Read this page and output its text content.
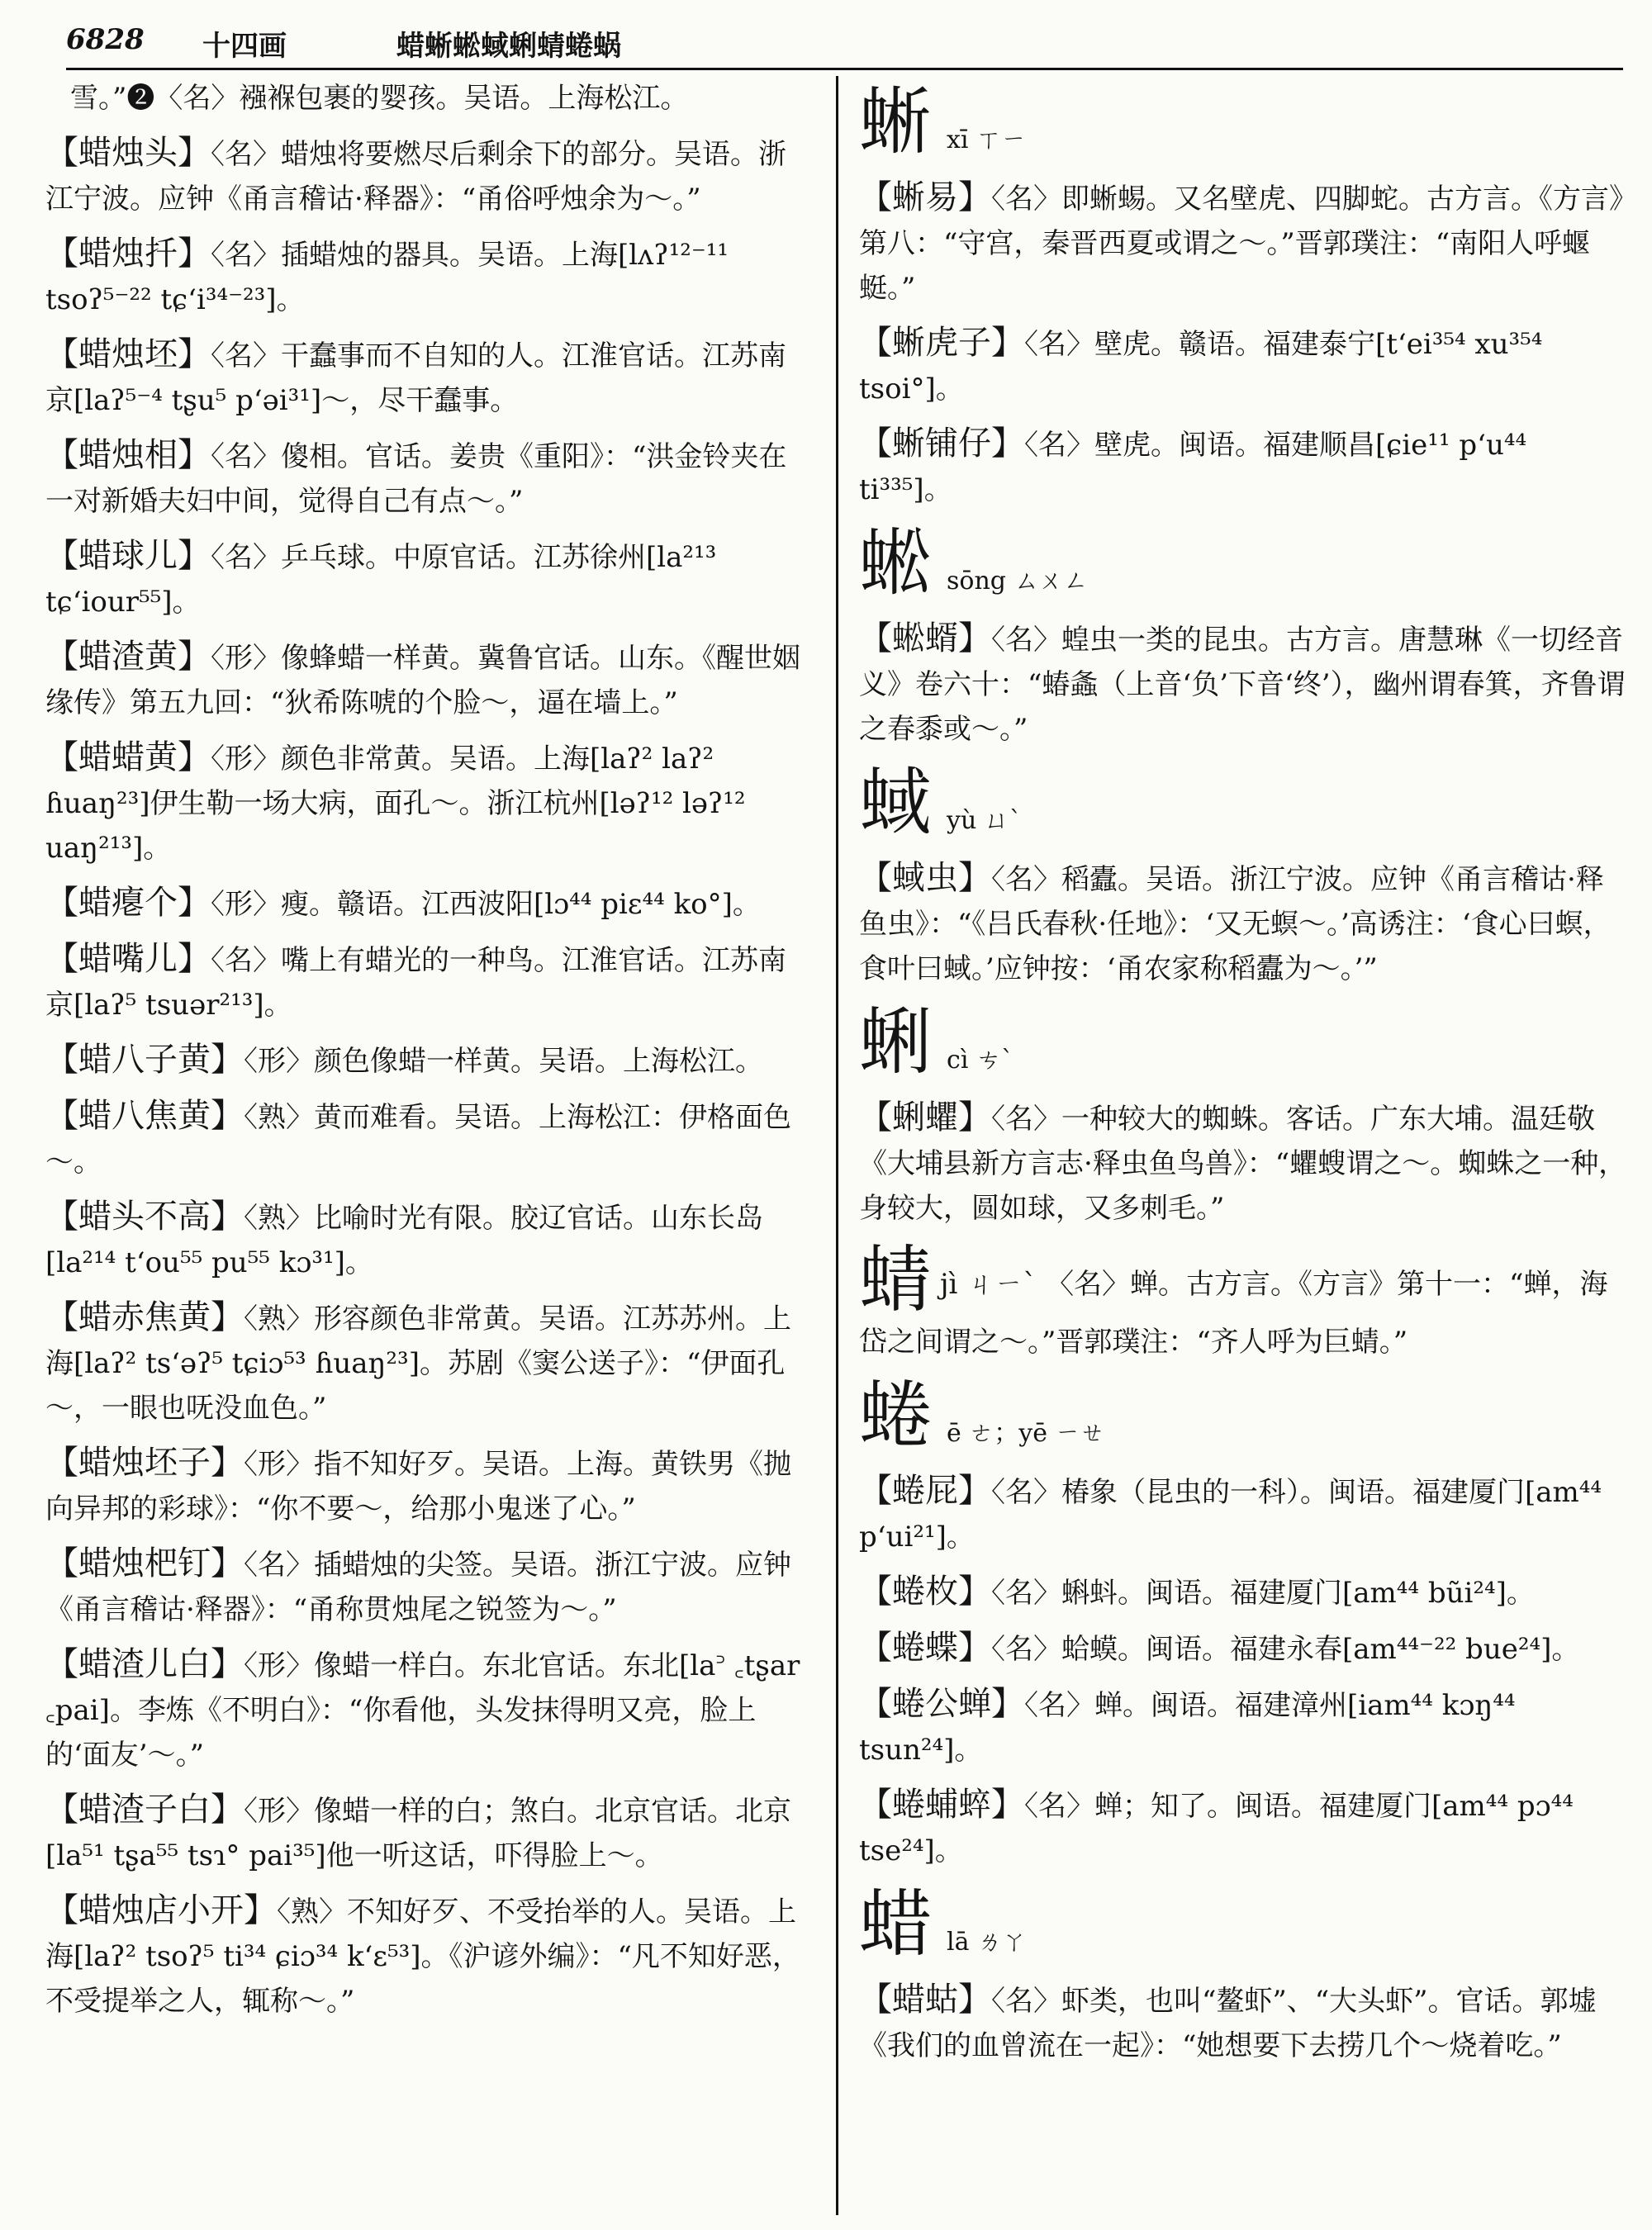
6828 十四画	蜡蜥蜙蜮蜊蜻蜷蜗
雪。”❷〈名〉襁褓包裹的婴孩。吴语。上海松江。
【蜡烛头】〈名〉蜡烛将要燃尽后剩余下的部分。吴语。浙江宁波。应钟《甬言稽诂·释器》：“甬俗呼烛余为～。”
【蜡烛扦】〈名〉插蜡烛的器具。吴语。上海[lʌʔ¹²⁻¹¹ tsoʔ⁵⁻²² tɕʻi³⁴⁻²³]。
【蜡烛坯】〈名〉干蠢事而不自知的人。江淮官话。江苏南京[laʔ⁵⁻⁴ tʂu⁵ pʻəi³¹]～，尽干蠢事。
【蜡烛相】〈名〉傻相。官话。姜贵《重阳》：“洪金铃夹在一对新婚夫妇中间，觉得自己有点～。”
【蜡球儿】〈名〉乒乓球。中原官话。江苏徐州[la²¹³ tɕʻiour⁵⁵]。
【蜡渣黄】〈形〉像蜂蜡一样黄。冀鲁官话。山东。《醒世姻缘传》第五九回：“狄希陈唬的个脸～，逼在墙上。”
【蜡蜡黄】〈形〉颜色非常黄。吴语。上海[laʔ² laʔ² ɦuaŋ²³]伊生勒一场大病，面孔～。浙江杭州[ləʔ¹² ləʔ¹² uaŋ²¹³]。
【蜡瘪个】〈形〉瘦。赣语。江西波阳[lɔ⁴⁴ piɛ⁴⁴ ko°]。
【蜡嘴儿】〈名〉嘴上有蜡光的一种鸟。江淮官话。江苏南京[laʔ⁵ tsuər²¹³]。
【蜡八子黄】〈形〉颜色像蜡一样黄。吴语。上海松江。
【蜡八焦黄】〈熟〉黄而难看。吴语。上海松江：伊格面色～。
【蜡头不高】〈熟〉比喻时光有限。胶辽官话。山东长岛[la²¹⁴ tʻou⁵⁵ pu⁵⁵ kɔ³¹]。
【蜡赤焦黄】〈熟〉形容颜色非常黄。吴语。江苏苏州。上海[laʔ² tsʻəʔ⁵ tɕiɔ⁵³ ɦuaŋ²³]。苏剧《窦公送子》：“伊面孔～，一眼也呒没血色。”
【蜡烛坯子】〈形〉指不知好歹。吴语。上海。黄铁男《抛向异邦的彩球》：“你不要～，给那小鬼迷了心。”
【蜡烛杷钉】〈名〉插蜡烛的尖签。吴语。浙江宁波。应钟《甬言稽诂·释器》：“甬称贯烛尾之锐签为～。”
【蜡渣儿白】〈形〉像蜡一样白。东北官话。东北[la꜄ ꜀tʂar ꜀pai]。李炼《不明白》：“你看他，头发抹得明又亮，脸上的‘面友’～。”
【蜡渣子白】〈形〉像蜡一样的白；煞白。北京官话。北京[la⁵¹ tʂa⁵⁵ tsɿ° pai³⁵]他一听这话，吓得脸上～。
【蜡烛店小开】〈熟〉不知好歹、不受抬举的人。吴语。上海[laʔ² tsoʔ⁵ ti³⁴ ɕiɔ³⁴ kʻɛ⁵³]。《沪谚外编》：“凡不知好恶，不受提举之人，辄称～。”
蜥 xī ㄒㄧ
【蜥易】〈名〉即蜥蜴。又名壁虎、四脚蛇。古方言。《方言》第八：“守宫，秦晋西夏或谓之～。”晋郭璞注：“南阳人呼蝘蜓。”
【蜥虎子】〈名〉壁虎。赣语。福建泰宁[tʻei³⁵⁴ xu³⁵⁴ tsoi°]。
【蜥铺仔】〈名〉壁虎。闽语。福建顺昌[ɕie¹¹ pʻu⁴⁴ ti³³⁵]。
蜙 sōng ㄙㄨㄥ
【蜙蝑】〈名〉蝗虫一类的昆虫。古方言。唐慧琳《一切经音义》卷六十：“蝽螽（上音‘负’下音‘终’），幽州谓春箕，齐鲁谓之春黍或～。”
蜮 yù ㄩˋ
【蜮虫】〈名〉稻蠹。吴语。浙江宁波。应钟《甬言稽诂·释鱼虫》：“《吕氏春秋·任地》：‘又无螟～。’高诱注：‘食心曰螟，食叶曰蜮。’应钟按：‘甬农家称稻蠹为～。’”
蜊 cì ㄘˋ
【蜊蠷】〈名〉一种较大的蜘蛛。客话。广东大埔。温廷敬《大埔县新方言志·释虫鱼鸟兽》：“蠷螋谓之～。蜘蛛之一种，身较大，圆如球，又多刺毛。”
蜻jì ㄐㄧˋ 〈名〉蝉。古方言。《方言》第十一：“蝉，海岱之间谓之～。”晋郭璞注：“齐人呼为巨蜻。”
蜷 ē ㄜ；yē ㄧㄝ
【蜷屁】〈名〉椿象（昆虫的一科）。闽语。福建厦门[am⁴⁴ pʻui²¹]。
【蜷枚】〈名〉蝌蚪。闽语。福建厦门[am⁴⁴ bũi²⁴]。
【蜷蝶】〈名〉蛤蟆。闽语。福建永春[am⁴⁴⁻²² bue²⁴]。
【蜷公蝉】〈名〉蝉。闽语。福建漳州[iam⁴⁴ kɔŋ⁴⁴ tsun²⁴]。
【蜷蜅蜶】〈名〉蝉；知了。闽语。福建厦门[am⁴⁴ pɔ⁴⁴ tse²⁴]。
蜡 lā ㄌㄚ
【蜡蛄】〈名〉虾类，也叫“鳌虾”、“大头虾”。官话。郭墟《我们的血曾流在一起》：“她想要下去捞几个～烧着吃。”
